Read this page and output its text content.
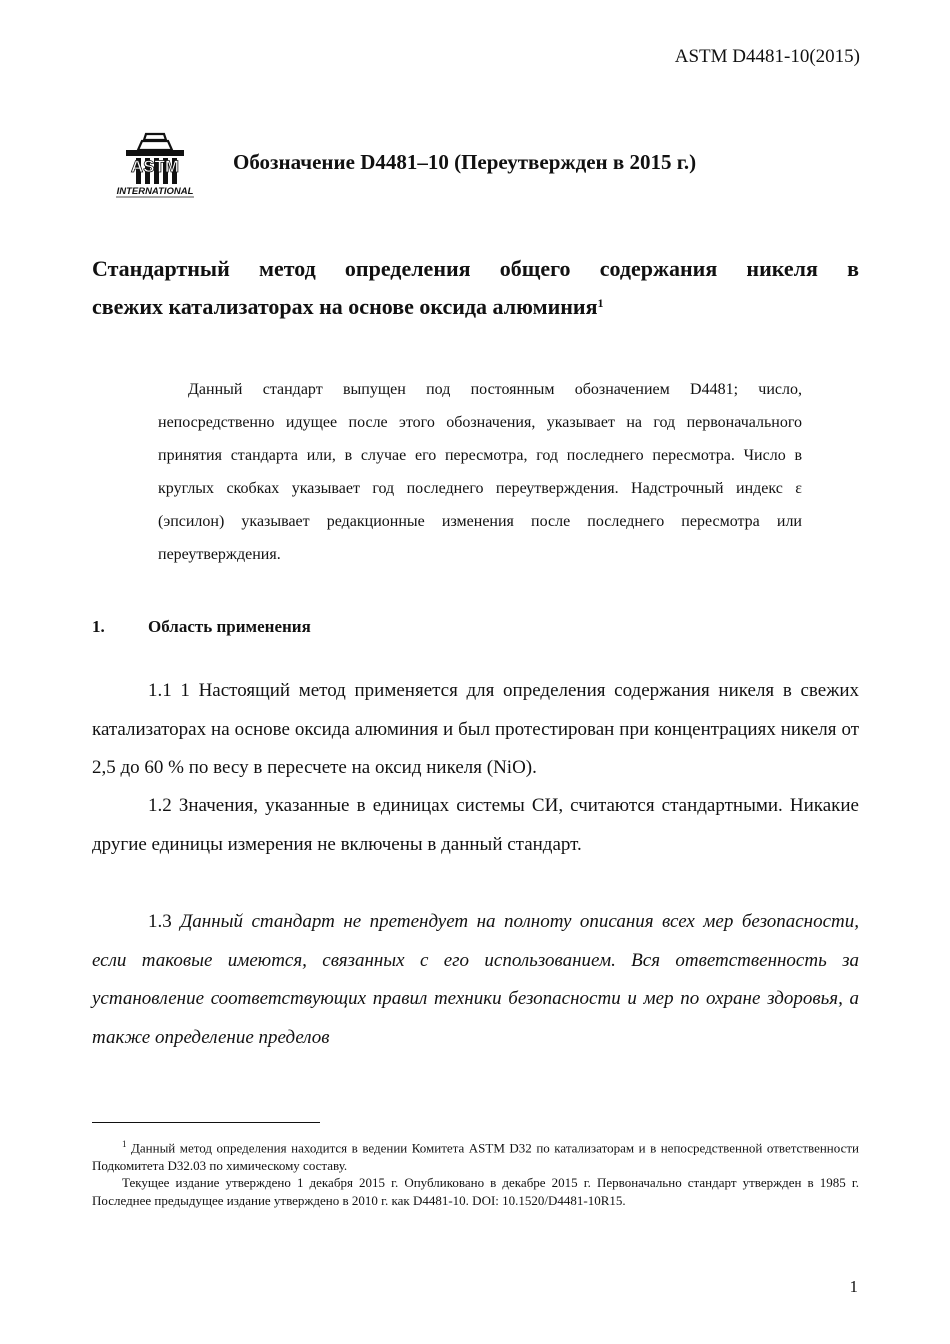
ASTM D4481-10(2015)
ASTM
INTERNATIONAL
Обозначение D4481–10 (Переутвержден в 2015 г.)
Стандартный метод определения общего содержания никеля в
свежих катализаторах на основе оксида алюминия$^1$
Данный стандарт выпущен под постоянным обозначением D4481; число, непосредственно идущее после этого обозначения, указывает на год первоначального принятия стандарта или, в случае его пересмотра, год последнего пересмотра. Число в круглых скобках указывает год последнего переутверждения. Надстрочный индекс ε (эпсилон) указывает редакционные изменения после последнего пересмотра или переутверждения.
1.	Область применения
1.1 1 Настоящий метод применяется для определения содержания никеля в свежих катализаторах на основе оксида алюминия и был протестирован при концентрациях никеля от 2,5 до 60 % по весу в пересчете на оксид никеля (NiO).
1.2 Значения, указанные в единицах системы СИ, считаются стандартными. Никакие другие единицы измерения не включены в данный стандарт.
1.3 Данный стандарт не претендует на полноту описания всех мер безопасности, если таковые имеются, связанных с его использованием. Вся ответственность за установление соответствующих правил техники безопасности и мер по охране здоровья, а также определение пределов

$^1$ Данный метод определения находится в ведении Комитета ASTM D32 по катализаторам и в непосредственной ответственности Подкомитета D32.03 по химическому составу.

Текущее издание утверждено 1 декабря 2015 г. Опубликовано в декабре 2015 г. Первоначально стандарт утвержден в 1985 г. Последнее предыдущее издание утверждено в 2010 г. как D4481-10. DOI: 10.1520/D4481-10R15.

1
